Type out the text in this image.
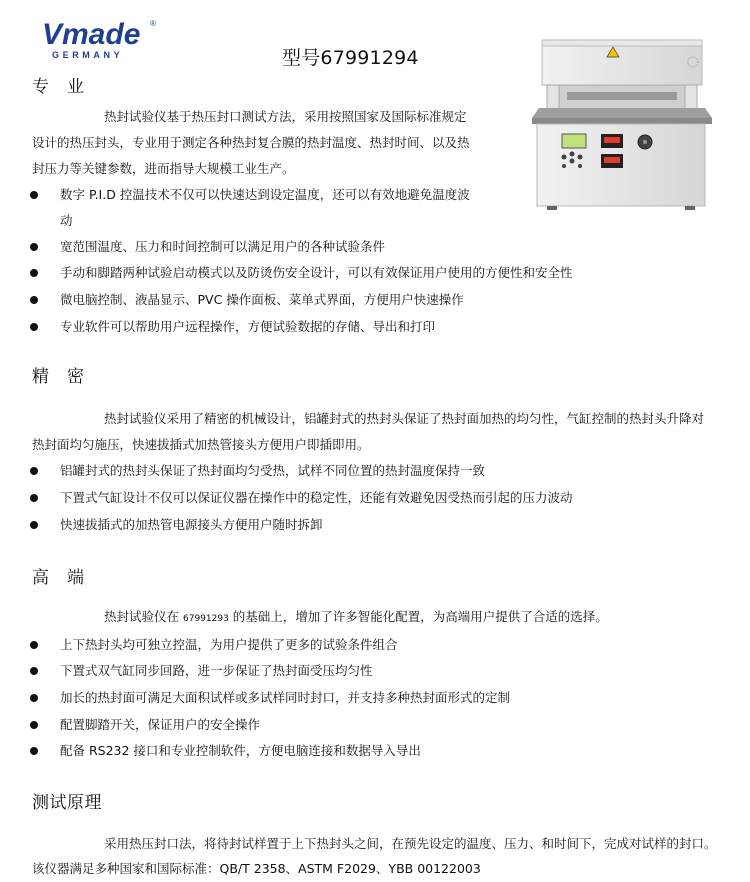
Vmade ®
GERMANY	型号67991294
专　业
热封试验仪基于热压封口测试方法，采用按照国家及国际标准规定
设计的热压封头，专业用于测定各种热封复合膜的热封温度、热封时间、以及热
封压力等关键参数，进而指导大规模工业生产。
数字 P.I.D 控温技术不仅可以快速达到设定温度，还可以有效地避免温度波
动
宽范围温度、压力和时间控制可以满足用户的各种试验条件
手动和脚踏两种试验启动模式以及防烫伤安全设计，可以有效保证用户使用的方便性和安全性
微电脑控制、液晶显示、PVC 操作面板、菜单式界面，方便用户快速操作
专业软件可以帮助用户远程操作，方便试验数据的存储、导出和打印
精　密
热封试验仪采用了精密的机械设计，铝罐封式的热封头保证了热封面加热的均匀性，气缸控制的热封头升降对
热封面均匀施压，快速拔插式加热管接头方便用户即插即用。
铝罐封式的热封头保证了热封面均匀受热，试样不同位置的热封温度保持一致
下置式气缸设计不仅可以保证仪器在操作中的稳定性，还能有效避免因受热而引起的压力波动
快速拔插式的加热管电源接头方便用户随时拆卸
高　端
热封试验仪在 67991293 的基础上，增加了许多智能化配置，为高端用户提供了合适的选择。
上下热封头均可独立控温，为用户提供了更多的试验条件组合
下置式双气缸同步回路，进一步保证了热封面受压均匀性
加长的热封面可满足大面积试样或多试样同时封口，并支持多种热封面形式的定制
配置脚踏开关，保证用户的安全操作
配备 RS232 接口和专业控制软件，方便电脑连接和数据导入导出
测试原理
采用热压封口法，将待封试样置于上下热封头之间，在预先设定的温度、压力、和时间下，完成对试样的封口。
该仪器满足多种国家和国际标准：QB/T 2358、ASTM F2029、YBB 00122003
